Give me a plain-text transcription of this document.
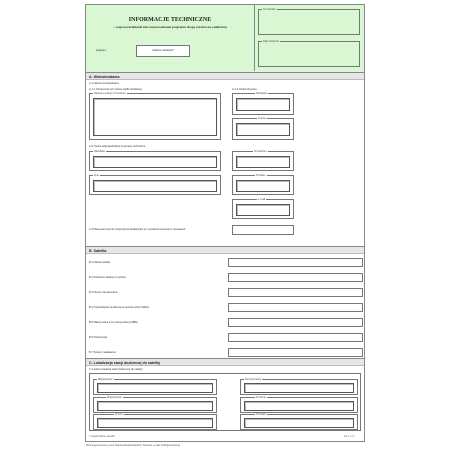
INFORMACJE TECHNICZNE
– rozpowszechnianie lub rozprowadzanie programu drogą rozsiewczą satelitarną
program:	rodzina i literatura*
Nr wniosku
Data złożenia
A. Wnioskodawca
A.1 Nazwa wnioskodawcy
A.1.1 Oznaczenie lub nazwa spółki handlowej	A.1.2 Osoba fizyczna
Nazwa w pełnym brzmieniu	Nazwisko
Imiona
A.2 Osoba odpowiedzialna za sprawy techniczne
Nazwisko
Imię
Nr telefonu
Nr faksu
e-mail
A.3 Planowana termin rozpoczęcia działalności po uzyskaniu koncesji w miesiącach
B. Satelita
B.1 Nazwa satelity
B.2 Położenie satelity na orbicie
B.3 Numer transpondera
B.4 Częstotliwość środkowa w kierunku Ziemi (MHz)
B.5 Maksymalna moc transpondera (dBW)
B.6 Polaryzacja
B.7 System nadawania
C. Lokalizacja stacji doziemnej do satelity
C.1 Adres instalacji stacji doziemnej do satelity
Miejscowość
Miejscowość
Gmina
Kod pocztowy
Nr domu
Nr lokalu
* niepotrzebne skreślić	str. 1 z 2
Druk wygenerowany przez Krajową Radę Radiofonii i Telewizji, e-mail: druki@example.pl
